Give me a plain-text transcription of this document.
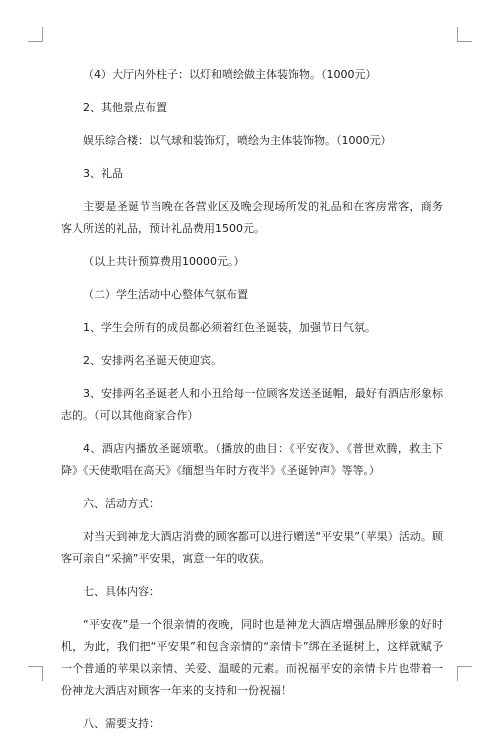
（4）大厅内外柱子：以灯和喷绘做主体装饰物。（1000元）

2、其他景点布置

娱乐综合楼：以气球和装饰灯，喷绘为主体装饰物。（1000元）

3、礼品

主要是圣诞节当晚在各营业区及晚会现场所发的礼品和在客房常客，商务客人所送的礼品，预计礼品费用1500元。

（以上共计预算费用10000元。）

（二）学生活动中心整体气氛布置

1、学生会所有的成员都必须着红色圣诞装，加强节日气氛。

2、安排两名圣诞天使迎宾。

3、安排两名圣诞老人和小丑给每一位顾客发送圣诞帽，最好有酒店形象标志的。（可以其他商家合作）

4、酒店内播放圣诞颂歌。（播放的曲目：《平安夜》、《普世欢腾，救主下降》《天使歌唱在高天》《缅想当年时方夜半》《圣诞钟声》等等。）

六、活动方式：

对当天到神龙大酒店消费的顾客都可以进行赠送“平安果”（苹果）活动。顾客可亲自“采摘”平安果，寓意一年的收获。

七、具体内容：

“平安夜”是一个很亲情的夜晚，同时也是神龙大酒店增强品牌形象的好时机，为此，我们把“平安果”和包含亲情的“亲情卡”绑在圣诞树上，这样就赋予一个普通的苹果以亲情、关爱、温暖的元素。而祝福平安的亲情卡片也带着一份神龙大酒店对顾客一年来的支持和一份祝福！

八、需要支持：
